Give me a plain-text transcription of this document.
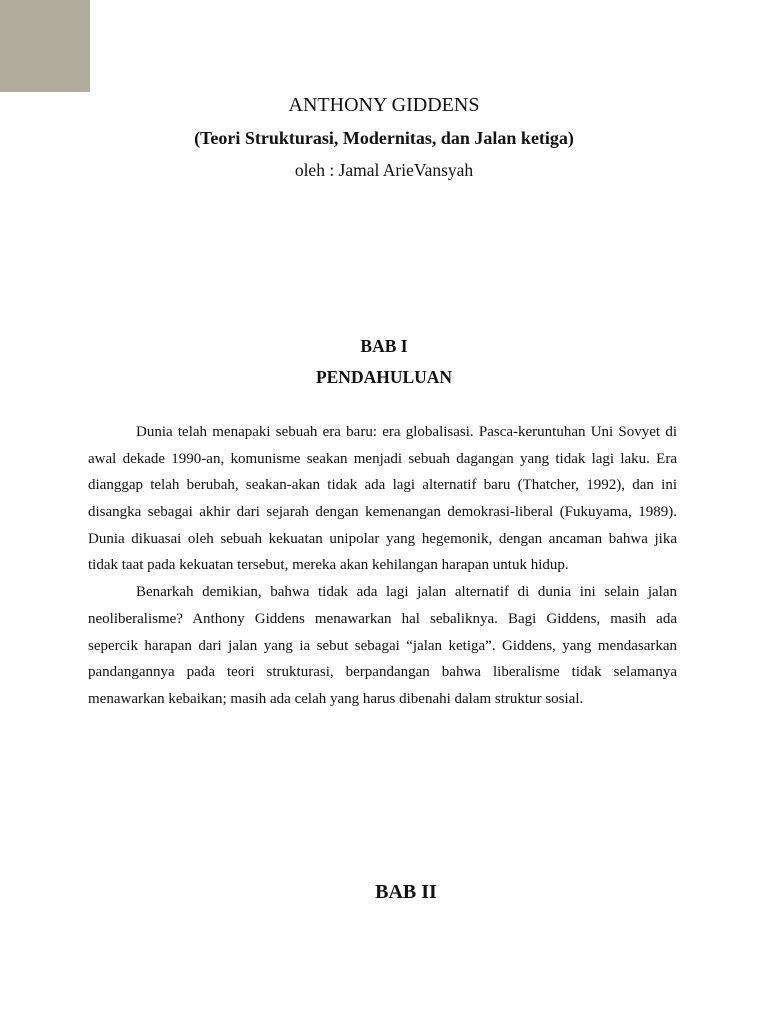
ANTHONY GIDDENS
(Teori Strukturasi, Modernitas, dan Jalan ketiga)
oleh : Jamal ArieVansyah
BAB I
PENDAHULUAN
Dunia telah menapaki sebuah era baru: era globalisasi. Pasca-keruntuhan Uni Sovyet di
awal dekade 1990-an, komunisme seakan menjadi sebuah dagangan yang tidak lagi laku. Era
dianggap telah berubah, seakan-akan tidak ada lagi alternatif baru (Thatcher, 1992), dan ini
disangka sebagai akhir dari sejarah dengan kemenangan demokrasi-liberal (Fukuyama, 1989).
Dunia dikuasai oleh sebuah kekuatan unipolar yang hegemonik, dengan ancaman bahwa jika
tidak taat pada kekuatan tersebut, mereka akan kehilangan harapan untuk hidup.
Benarkah demikian, bahwa tidak ada lagi jalan alternatif di dunia ini selain jalan
neoliberalisme? Anthony Giddens menawarkan hal sebaliknya. Bagi Giddens, masih ada
sepercik harapan dari jalan yang ia sebut sebagai “jalan ketiga”. Giddens, yang mendasarkan
pandangannya pada teori strukturasi, berpandangan bahwa liberalisme tidak selamanya
menawarkan kebaikan; masih ada celah yang harus dibenahi dalam struktur sosial.
BAB II
